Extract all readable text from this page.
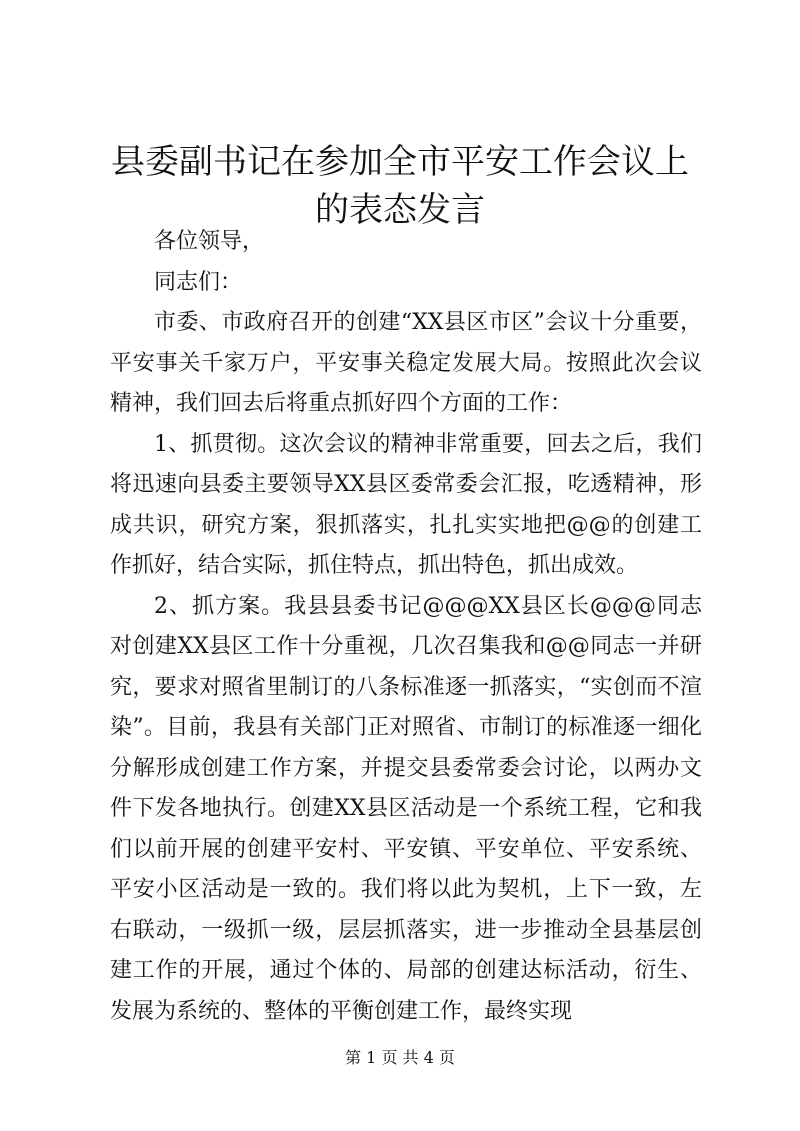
县委副书记在参加全市平安工作会议上的表态发言

各位领导，

同志们：

市委、市政府召开的创建“XX县区市区”会议十分重要，平安事关千家万户，平安事关稳定发展大局。按照此次会议精神，我们回去后将重点抓好四个方面的工作：

1、抓贯彻。这次会议的精神非常重要，回去之后，我们将迅速向县委主要领导XX县区委常委会汇报，吃透精神，形成共识，研究方案，狠抓落实，扎扎实实地把@@的创建工作抓好，结合实际，抓住特点，抓出特色，抓出成效。

2、抓方案。我县县委书记@@@XX县区长@@@同志对创建XX县区工作十分重视，几次召集我和@@同志一并研究，要求对照省里制订的八条标准逐一抓落实，“实创而不渲染”。目前，我县有关部门正对照省、市制订的标准逐一细化分解形成创建工作方案，并提交县委常委会讨论，以两办文件下发各地执行。创建XX县区活动是一个系统工程，它和我们以前开展的创建平安村、平安镇、平安单位、平安系统、平安小区活动是一致的。我们将以此为契机，上下一致，左右联动，一级抓一级，层层抓落实，进一步推动全县基层创建工作的开展，通过个体的、局部的创建达标活动，衍生、发展为系统的、整体的平衡创建工作，最终实现

第 1 页 共 4 页
